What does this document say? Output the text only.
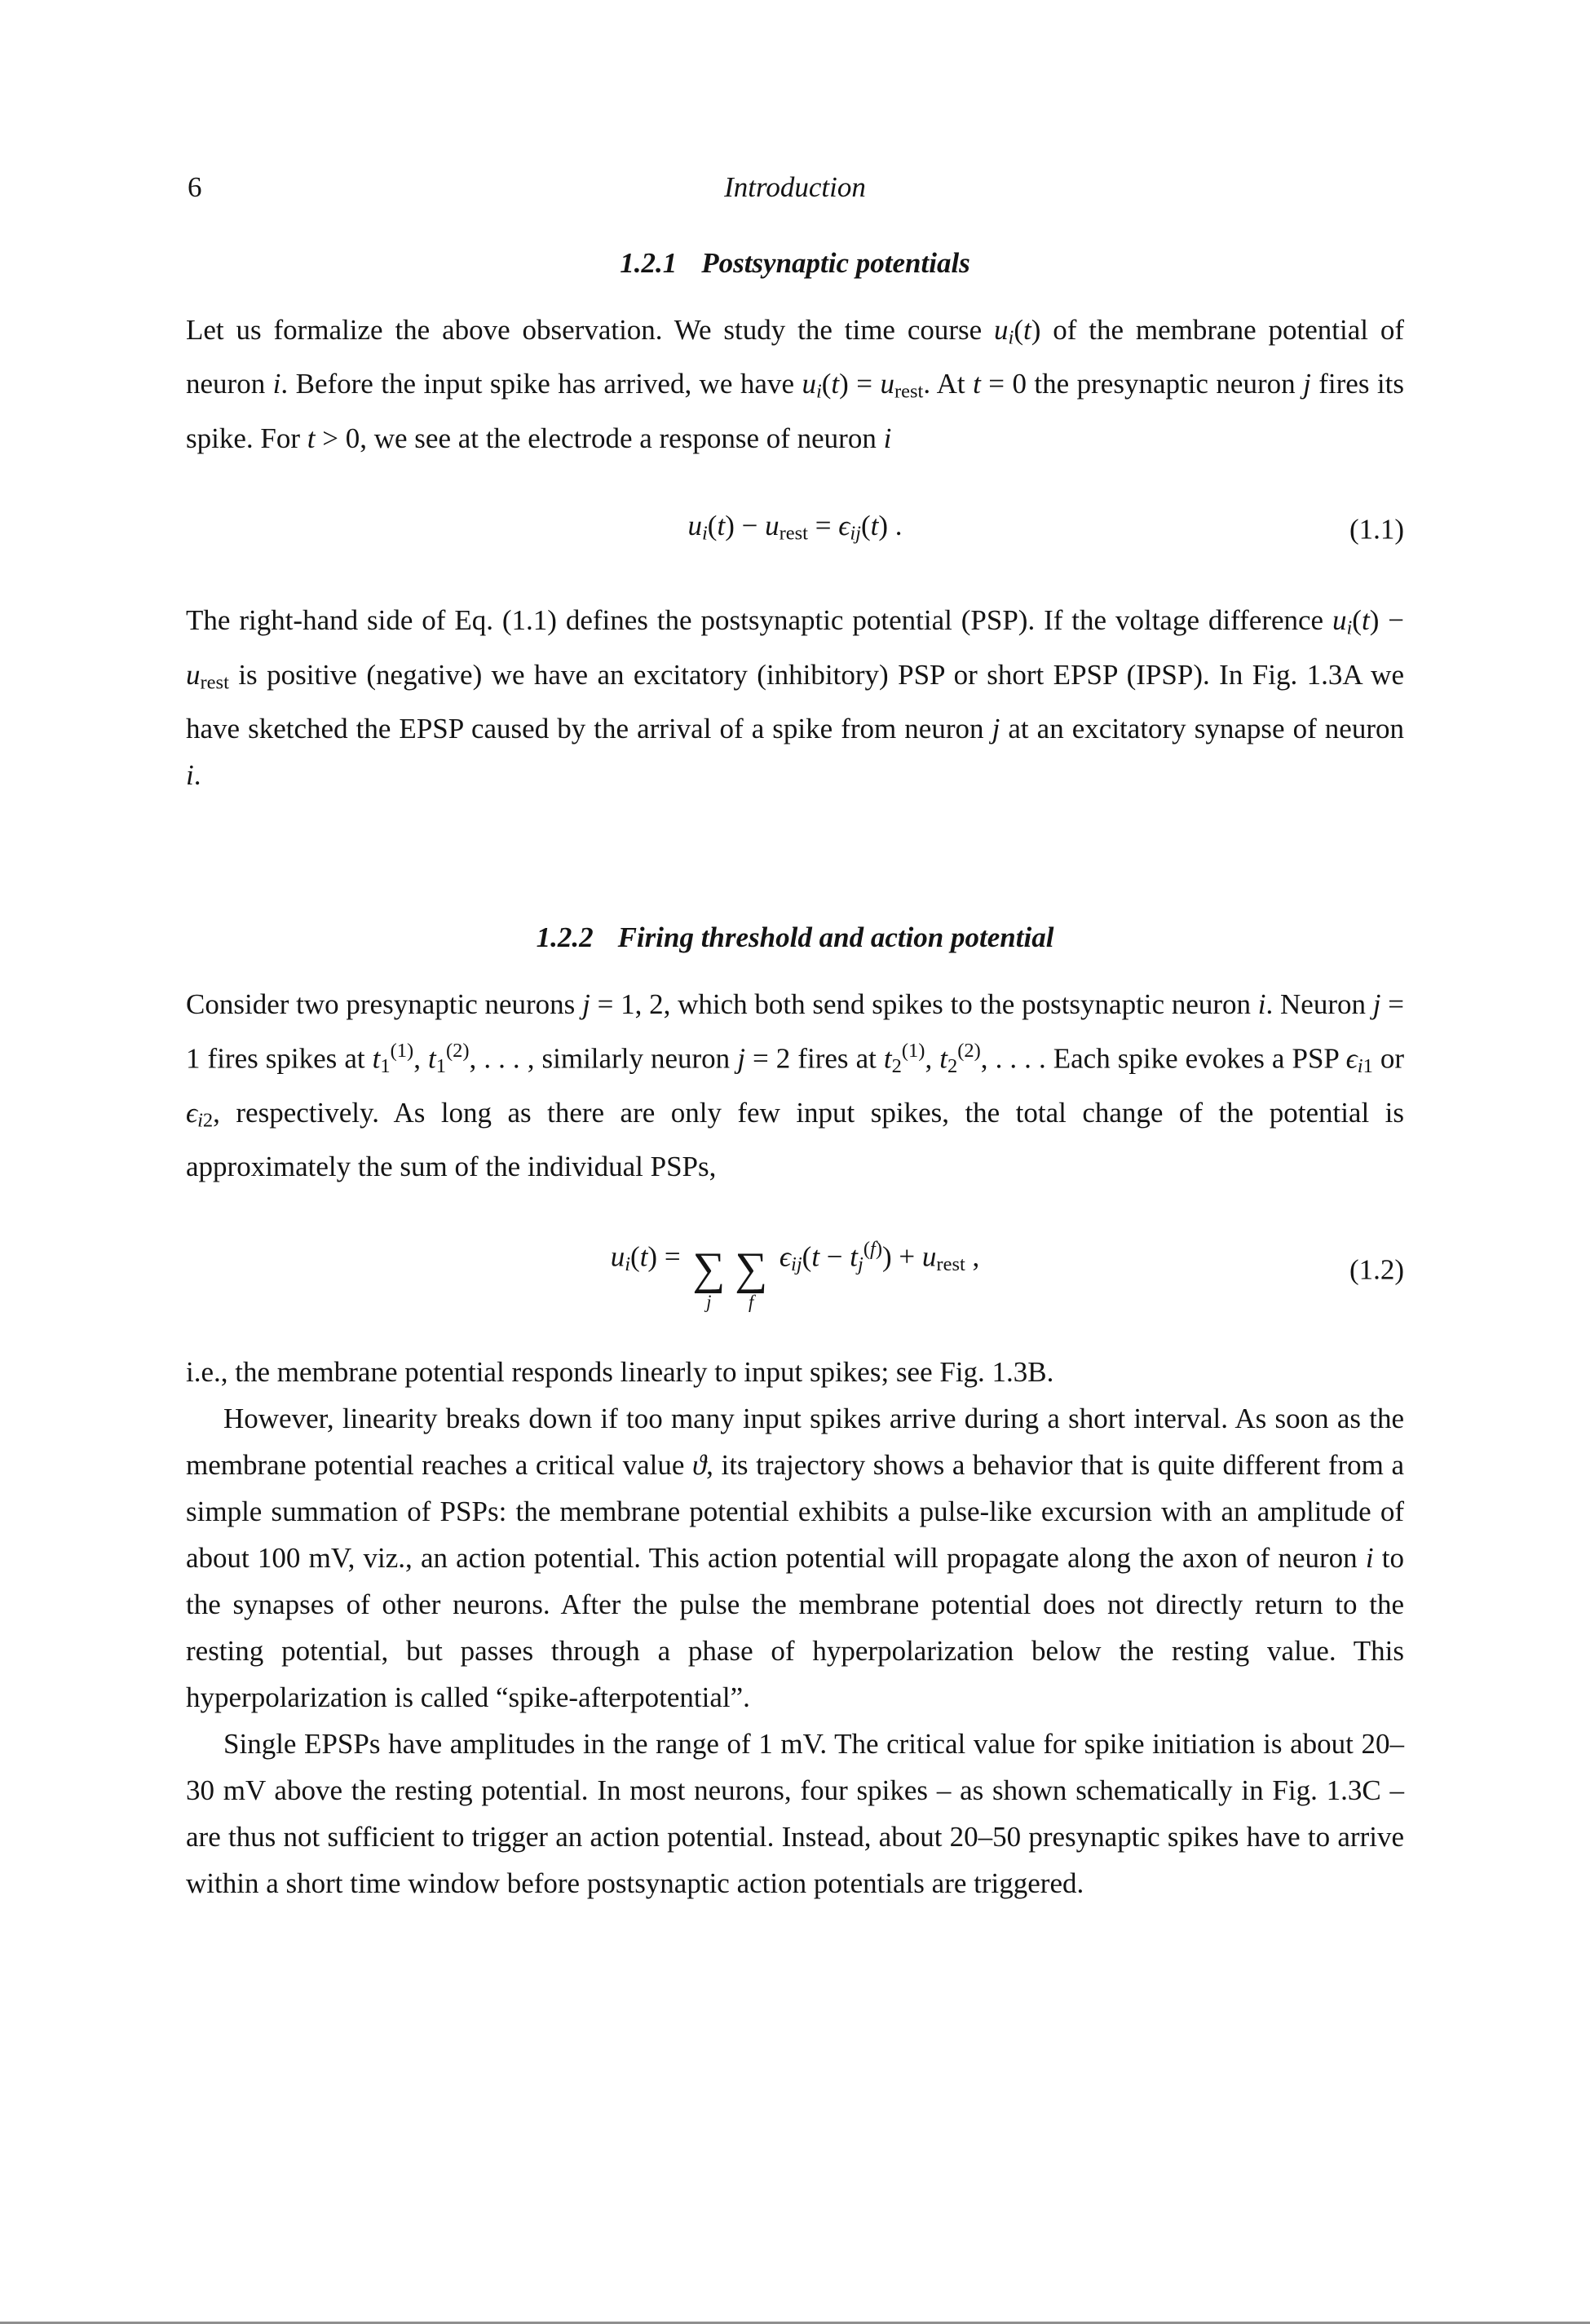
6	Introduction
1.2.1 Postsynaptic potentials

Let us formalize the above observation. We study the time course $u_i(t)$ of the membrane potential of neuron i. Before the input spike has arrived, we have $u_i(t) = u_{rest}$. At t = 0 the presynaptic neuron j fires its spike. For t > 0, we see at the electrode a response of neuron i

$u_i(t) - u_{rest} = \epsilon_{ij}(t)$ .	(1.1)

The right-hand side of Eq. (1.1) defines the postsynaptic potential (PSP). If the voltage difference $u_i(t) - u_{rest}$ is positive (negative) we have an excitatory (inhibitory) PSP or short EPSP (IPSP). In Fig. 1.3A we have sketched the EPSP caused by the arrival of a spike from neuron j at an excitatory synapse of neuron i.

1.2.2 Firing threshold and action potential

Consider two presynaptic neurons j = 1, 2, which both send spikes to the postsynaptic neuron i. Neuron j = 1 fires spikes at $t_1^{(1)}$, $t_1^{(2)}$, . . . , similarly neuron j = 2 fires at $t_2^{(1)}$, $t_2^{(2)}$, . . . . Each spike evokes a PSP $\epsilon_{i1}$ or $\epsilon_{i2}$, respectively. As long as there are only few input spikes, the total change of the potential is approximately the sum of the individual PSPs,

$u_i(t)$ = ∑
j
∑
f
$\epsilon_{ij}(t - t_j^{(f)}) + u_{rest}$ ,	(1.2)

i.e., the membrane potential responds linearly to input spikes; see Fig. 1.3B.

However, linearity breaks down if too many input spikes arrive during a short interval. As soon as the membrane potential reaches a critical value ϑ, its trajectory shows a behavior that is quite different from a simple summation of PSPs: the membrane potential exhibits a pulse-like excursion with an amplitude of about 100 mV, viz., an action potential. This action potential will propagate along the axon of neuron i to the synapses of other neurons. After the pulse the membrane potential does not directly return to the resting potential, but passes through a phase of hyperpolarization below the resting value. This hyperpolarization is called “spike-afterpotential”.

Single EPSPs have amplitudes in the range of 1 mV. The critical value for spike initiation is about 20–30 mV above the resting potential. In most neurons, four spikes – as shown schematically in Fig. 1.3C – are thus not sufficient to trigger an action potential. Instead, about 20–50 presynaptic spikes have to arrive within a short time window before postsynaptic action potentials are triggered.
